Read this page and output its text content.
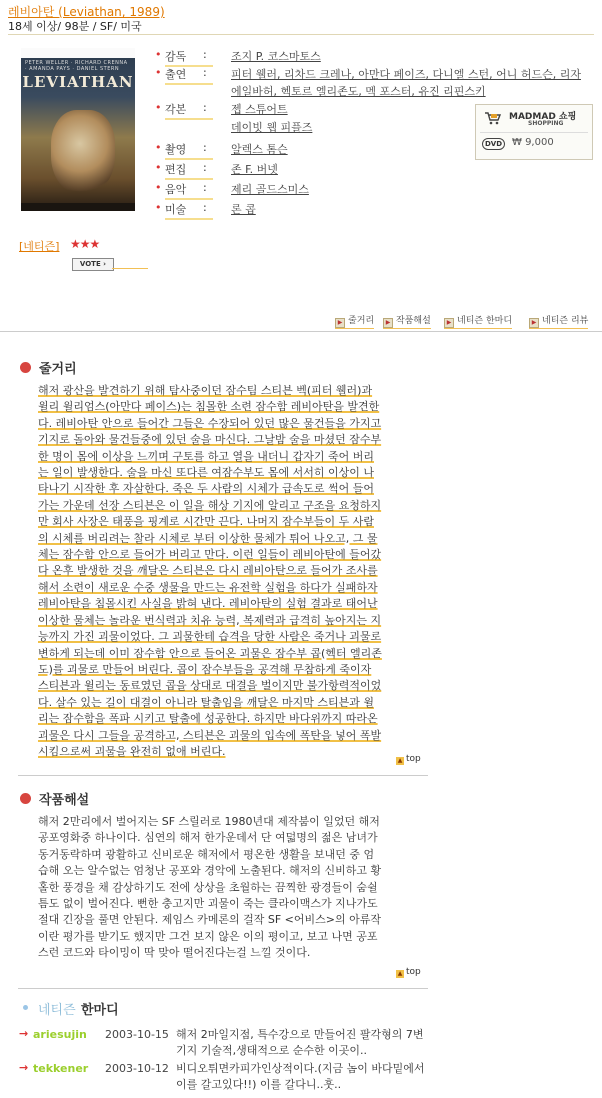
레비아탄 (Leviathan, 1989)
18세 이상/ 98분 / SF/ 미국
PETER WELLER · RICHARD CRENNA · AMANDA PAYS · DANIEL STERN
LEVIATHAN
• 감독	: 조지 P. 코스마토스
• 출연	: 피터 웰러, 리차드 크레나, 아만다 페이즈, 다니엘 스턴, 어니 허드슨, 리자 에일바허, 헥토르 엘리존도, 멕 포스터, 유진 리핀스키
• 각본	: 젭 스튜어트
데이빗 웹 피플즈
• 촬영	: 알렉스 톰슨
• 편집	: 존 F. 버넷
• 음악	: 제리 골드스미스
• 미술	: 론 콥
MADMAD 쇼핑
SHOPPING
DVD ₩ 9,000
[네티즌] ★★★
VOTE ›
▶ 줄거리	▶ 작품해설	▶ 네티즌 한마디	▶ 네티즌 리뷰
줄거리
해저 광산을 발견하기 위해 탐사중이던 잠수팀 스티븐 벡(피터 웰러)과
윌리 윌리엄스(아만다 페이스)는 침몰한 소련 잠수함 레비아탄을 발견한
다. 레비아탄 안으로 들어간 그들은 수장되어 있던 많은 물건들을 가지고
기지로 돌아와 물건들중에 있던 술을 마신다. 그날밤 술을 마셨던 잠수부
한 명이 몸에 이상을 느끼며 구토를 하고 열을 내더니 갑자기 죽어 버리
는 일이 발생한다. 술을 마신 또다른 여잠수부도 몸에 서서히 이상이 나
타나기 시작한 후 자살한다. 죽은 두 사람의 시체가 급속도로 썩어 들어
가는 가운데 선장 스티븐은 이 일을 해상 기지에 알리고 구조을 요청하지
만 회사 사장은 태풍을 핑계로 시간만 끈다. 나머지 잠수부들이 두 사람
의 시체를 버리려는 찰라 시체로 부터 이상한 물체가 튀어 나오고, 그 물
체는 잠수함 안으로 들어가 버리고 만다. 이런 일들이 레비아탄에 들어갔
다 온후 발생한 것을 깨달은 스티븐은 다시 레비아탄으로 들어가 조사를
해서 소련이 새로운 수중 생물을 만드는 유전학 실험을 하다가 실패하자
레비아탄을 침몰시킨 사실을 밝혀 낸다. 레비아탄의 실험 결과로 태어난
이상한 물체는 놀라운 번식력과 치유 능력, 복제력과 급격히 높아지는 지
능까지 가진 괴물이었다. 그 괴물한테 습격을 당한 사람은 죽거나 괴물로
변하게 되는데 이미 잠수함 안으로 들어온 괴물은 잠수부 콥(헥터 엘리존
도)를 괴물로 만들어 버린다. 콥이 잠수부들을 공격해 무참하게 죽이자
스티븐과 윌리는 동료였던 콥을 상대로 대결을 벌이지만 불가항력적이었
다. 살수 있는 길이 대결이 아니라 탈출임을 깨달은 마지막 스티븐과 윌
리는 잠수함을 폭파 시키고 탈출에 성공한다. 하지만 바다위까지 따라온
괴물은 다시 그들을 공격하고, 스티븐은 괴물의 입속에 폭탄을 넣어 폭발
시킴으로써 괴물을 완전히 없애 버린다.
▲ top
작품해설
해저 2만리에서 벌어지는 SF 스릴러로 1980년대 제작붐이 일었던 해저
공포영화중 하나이다. 심연의 해저 한가운데서 단 여덟명의 젊은 남녀가
동거동락하며 광활하고 신비로운 해저에서 평온한 생활을 보내던 중 엄
습해 오는 알수없는 엄청난 공포와 경악에 노출된다. 해저의 신비하고 황
홀한 풍경을 채 감상하기도 전에 상상을 초월하는 끔찍한 광경들이 숨쉴
틈도 없이 벌어진다. 뻔한 충고지만 괴물이 죽는 클라이맥스가 지나가도
절대 긴장을 풀면 안된다. 제임스 카메론의 걸작 SF <어비스>의 아류작
이란 평가를 받기도 했지만 그건 보지 않은 이의 평이고, 보고 나면 공포
스런 코드와 타이밍이 딱 맞아 떨어진다는걸 느낄 것이다.
▲ top
네티즌 한마디
→ ariesujin 2003-10-15 해저 2마일지점, 특수강으로 만들어진 팔각형의 7변기지 기술적,생태적으로 순수한 이곳이..
→ tekkener 2003-10-12 비디오튀면카피가인상적이다.(지금 놈이 바다밑에서 이를 갈고있다!!) 이를 갈다니..훗..
